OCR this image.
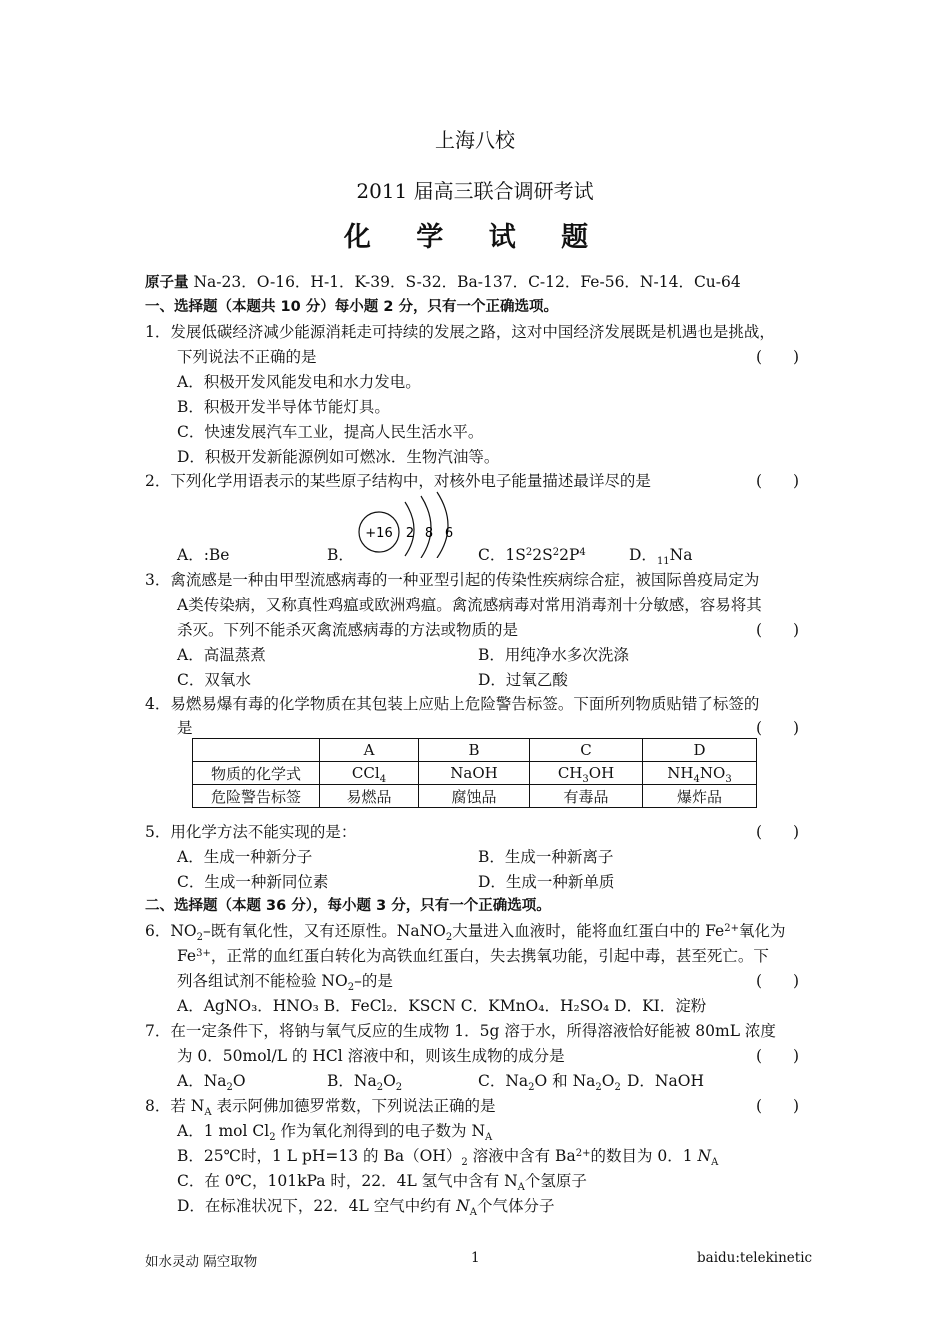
上海八校
2011 届高三联合调研考试
化 学 试 题
原子量 Na-23．O-16．H-1．K-39．S-32．Ba-137．C-12．Fe-56．N-14．Cu-64
一、选择题（本题共 10 分）每小题 2 分，只有一个正确选项。
1．发展低碳经济减少能源消耗走可持续的发展之路，这对中国经济发展既是机遇也是挑战，
下列说法不正确的是	(　　)
A．积极开发风能发电和水力发电。
B．积极开发半导体节能灯具。
C．快速发展汽车工业，提高人民生活水平。
D．积极开发新能源例如可燃冰．生物汽油等。
2．下列化学用语表示的某些原子结构中，对核外电子能量描述最详尽的是	(　　)
A．:Be	B．
+16 2 8 6
C．$1S^22S^22P^4$	D．$_{11}$Na
3．禽流感是一种由甲型流感病毒的一种亚型引起的传染性疾病综合症，被国际兽疫局定为
A类传染病，又称真性鸡瘟或欧洲鸡瘟。禽流感病毒对常用消毒剂十分敏感，容易将其
杀灭。下列不能杀灭禽流感病毒的方法或物质的是	(　　)
A．高温蒸煮	B．用纯净水多次洗涤
C．双氧水	D．过氧乙酸
4．易燃易爆有毒的化学物质在其包装上应贴上危险警告标签。下面所列物质贴错了标签的
是	(　　)
	A	B	C	D
物质的化学式	CCl$_4$	NaOH	$CH_3OH$	$NH_4NO_3$
危险警告标签	易燃品	腐蚀品	有毒品	爆炸品
5．用化学方法不能实现的是：	(　　)
A．生成一种新分子	B．生成一种新离子
C．生成一种新同位素	D．生成一种新单质
二、选择题（本题 36 分），每小题 3 分，只有一个正确选项。
6．$NO_2-$既有氧化性，又有还原性。NaNO$_2$大量进入血液时，能将血红蛋白中的 $Fe^{2+}$氧化为
$Fe^{3+}$，正常的血红蛋白转化为高铁血红蛋白，失去携氧功能，引起中毒，甚至死亡。下
列各组试剂不能检验 $NO_2-$的是	(　　)
A．AgNO₃．HNO₃ B．FeCl₂．KSCN C．KMnO₄．H₂SO₄ D．KI．淀粉
7．在一定条件下，将钠与氧气反应的生成物 1．5g 溶于水，所得溶液恰好能被 80mL 浓度
为 0．50mol/L 的 HCl 溶液中和，则该生成物的成分是	(　　)
A．$Na_2O$	B．$Na_2O_2$	C．$Na_2O$ 和 $Na_2O_2$ D．NaOH
8．若 $N_A$ 表示阿佛加德罗常数，下列说法正确的是	(　　)
A．1 mol $Cl_2$ 作为氧化剂得到的电子数为 $N_A$
B．25℃时，1 L pH=13 的 $Ba(OH)_2$ 溶液中含有 $Ba^{2+}$的数目为 0．1 $N_A$
C．在 0℃，101kPa 时，22．4L 氢气中含有 $N_A$个氢原子
D．在标准状况下，22．4L 空气中约有 $N_A$个气体分子
如水灵动 隔空取物	1	baidu:telekinetic
